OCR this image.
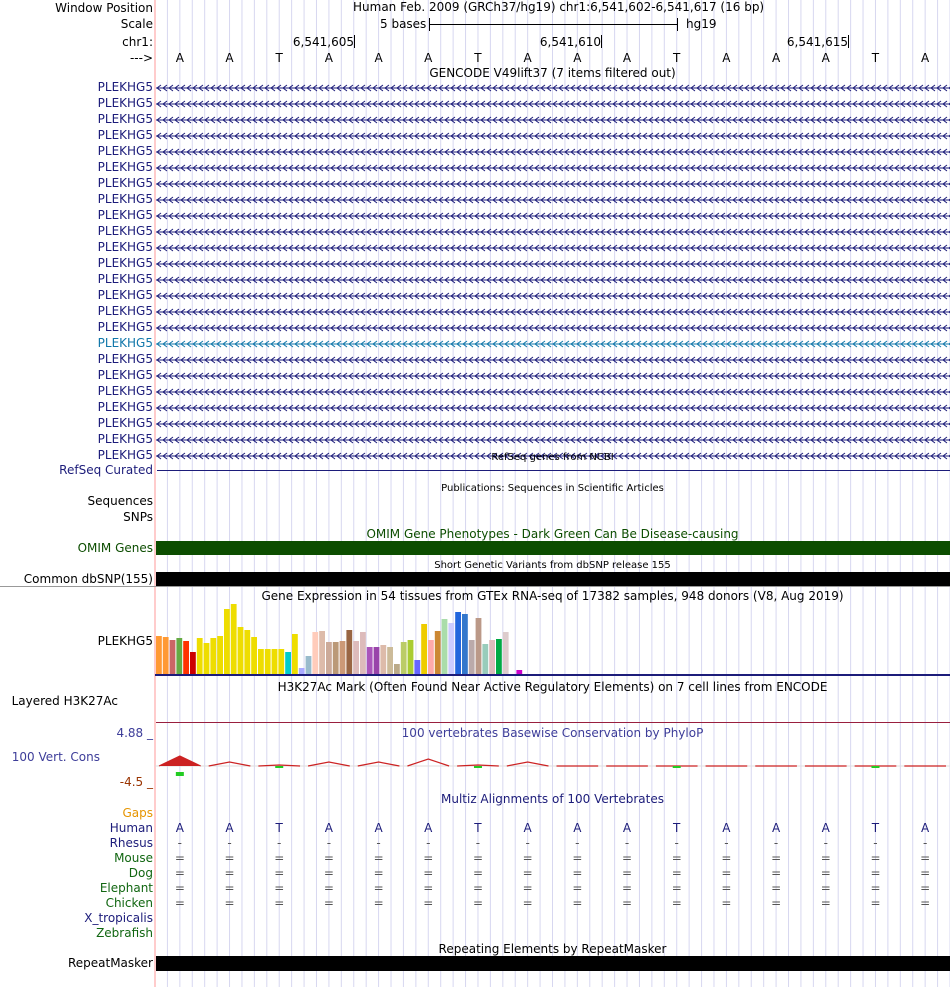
Window Position	Human Feb. 2009 (GRCh37/hg19) chr1:6,541,602-6,541,617 (16 bp)
Scale	5 bases	hg19
chr1:	6,541,605	6,541,610	6,541,615
---> A	A	T	A	A	A	T	A	A	A	T	A	A	A	T	A
GENCODE V49lift37 (7 items filtered out)
PLEKHG5
PLEKHG5
PLEKHG5
PLEKHG5
PLEKHG5
PLEKHG5
PLEKHG5
PLEKHG5
PLEKHG5
PLEKHG5
PLEKHG5
PLEKHG5
PLEKHG5
PLEKHG5
PLEKHG5
PLEKHG5
PLEKHG5
PLEKHG5
PLEKHG5
PLEKHG5
PLEKHG5
PLEKHG5
PLEKHG5
PLEKHG5	RefSeq genes from NCBI
RefSeq Curated
Publications: Sequences in Scientific Articles
Sequences
SNPs
OMIM Gene Phenotypes - Dark Green Can Be Disease-causing
OMIM Genes
Short Genetic Variants from dbSNP release 155
Common dbSNP(155)
Gene Expression in 54 tissues from GTEx RNA-seq of 17382 samples, 948 donors (V8, Aug 2019)
PLEKHG5
H3K27Ac Mark (Often Found Near Active Regulatory Elements) on 7 cell lines from ENCODE
Layered H3K27Ac
100 vertebrates Basewise Conservation by PhyloP
4.88 _
100 Vert. Cons
-4.5 _
Multiz Alignments of 100 Vertebrates
Gaps
Human A	A	T	A	A	A	T	A	A	A	T	A	A	A	T	A
Rhesus -	-	-	-	-	-	-	-	-	-	-	-	-	-	-	-
Mouse =	=	=	=	=	=	=	=	=	=	=	=	=	=	=	=
Dog =	=	=	=	=	=	=	=	=	=	=	=	=	=	=	=
Elephant =	=	=	=	=	=	=	=	=	=	=	=	=	=	=	=
Chicken =	=	=	=	=	=	=	=	=	=	=	=	=	=	=	=
X_tropicalis
Zebrafish
Repeating Elements by RepeatMasker
RepeatMasker
